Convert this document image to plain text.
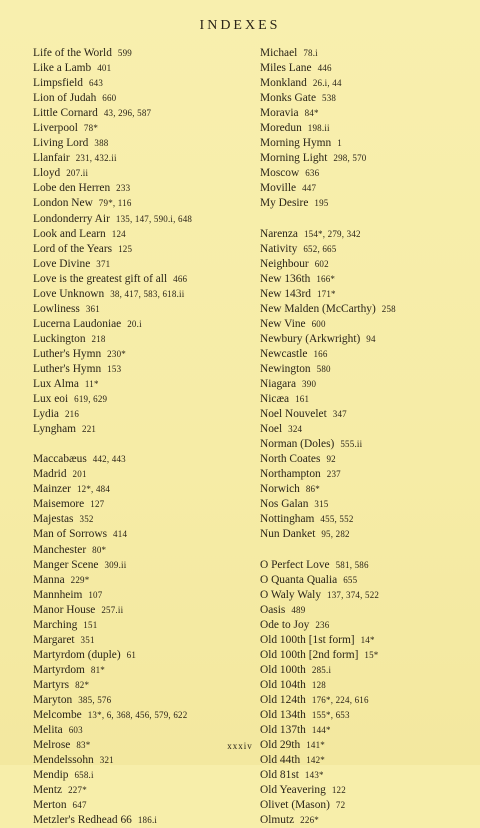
INDEXES
Life of the World 599
Like a Lamb 401
Limpsfield 643
Lion of Judah 660
Little Cornard 43, 296, 587
Liverpool 78*
Living Lord 388
Llanfair 231, 432.ii
Lloyd 207.ii
Lobe den Herren 233
London New 79*, 116
Londonderry Air 135, 147, 590.i, 648
Look and Learn 124
Lord of the Years 125
Love Divine 371
Love is the greatest gift of all 466
Love Unknown 38, 417, 583, 618.ii
Lowliness 361
Lucerna Laudoniae 20.i
Luckington 218
Luther's Hymn 230*
Luther's Hymn 153
Lux Alma 11*
Lux eoi 619, 629
Lydia 216
Lyngham 221
Maccabæus 442, 443
Madrid 201
Mainzer 12*, 484
Maisemore 127
Majestas 352
Man of Sorrows 414
Manchester 80*
Manger Scene 309.ii
Manna 229*
Mannheim 107
Manor House 257.ii
Marching 151
Margaret 351
Martyrdom (duple) 61
Martyrdom 81*
Martyrs 82*
Maryton 385, 576
Melcombe 13*, 6, 368, 456, 579, 622
Melita 603
Melrose 83*
Mendelssohn 321
Mendip 658.i
Mentz 227*
Merton 647
Metzler's Redhead 66 186.i
Michael 78.i
Miles Lane 446
Monkland 26.i, 44
Monks Gate 538
Moravia 84*
Moredun 198.ii
Morning Hymn 1
Morning Light 298, 570
Moscow 636
Moville 447
My Desire 195
Narenza 154*, 279, 342
Nativity 652, 665
Neighbour 602
New 136th 166*
New 143rd 171*
New Malden (McCarthy) 258
New Vine 600
Newbury (Arkwright) 94
Newcastle 166
Newington 580
Niagara 390
Nicæa 161
Noel Nouvelet 347
Noel 324
Norman (Doles) 555.ii
North Coates 92
Northampton 237
Norwich 86*
Nos Galan 315
Nottingham 455, 552
Nun Danket 95, 282
O Perfect Love 581, 586
O Quanta Qualia 655
O Waly Waly 137, 374, 522
Oasis 489
Ode to Joy 236
Old 100th [1st form] 14*
Old 100th [2nd form] 15*
Old 100th 285.i
Old 104th 128
Old 124th 176*, 224, 616
Old 134th 155*, 653
Old 137th 144*
Old 29th 141*
Old 44th 142*
Old 81st 143*
Old Yeavering 122
Olivet (Mason) 72
Olmutz 226*
xxxiv
